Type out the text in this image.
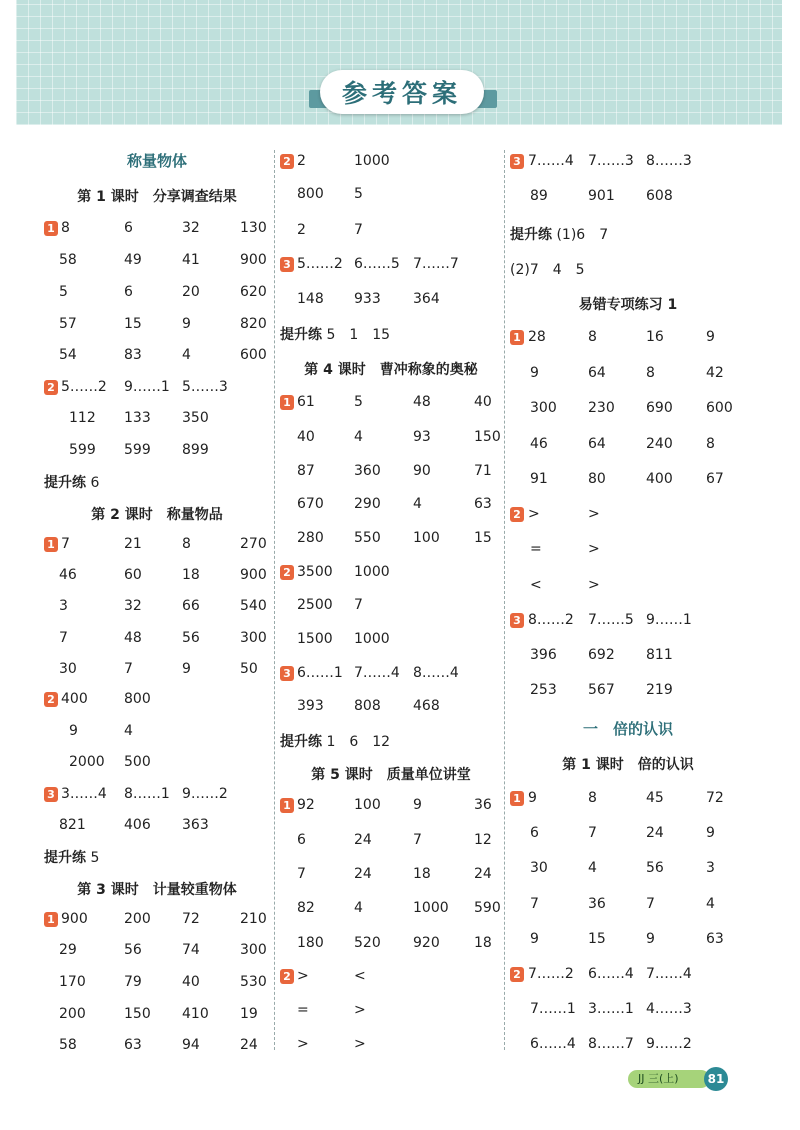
参考答案
称量物体
第 1 课时　分享调查结果
1 8	6	32	130
58	49	41	900
5	6	20	620
57	15	9	820
54	83	4	600
2 5……2 9……1 5……3
112 133 350
599 599 899
提升练 6
第 2 课时　称量物品
1 7	21	8	270
46	60	18	900
3	32	66	540
7	48	56	300
30	7	9	50
2 400	800
9	4
2000 500
3 3……4 8……1 9……2
821	406 363
提升练 5
第 3 课时　计量较重物体
1 900	200 72	210
29	56	74	300
170	79	40	530
200	150 410 19
58	63	94	24
2 2	1000
800 5
2	7
3 5……2 6……5 7……7
148 933 364
提升练 5　1　15
第 4 课时　曹冲称象的奥秘
1 61	5	48	40
40	4	93	150
87	360 90	71
670 290 4	63
280 550 100 15
2 3500 1000
2500 7
1500 1000
3 6……1 7……4 8……4
393 808 468
提升练 1　6　12
第 5 课时　质量单位讲堂
1 92	100 9	36
6	24	7	12
7	24	18	24
82	4	1000 590
180 520 920 18
2 >	<
=	>
>	>
3 7……4 7……3 8……3
89	901 608
提升练 (1)6　7
(2)7　4　5
易错专项练习 1
1 28	8	16	9
9	64	8	42
300 230 690 600
46	64	240 8
91	80	400 67
2 >	>
=	>
<	>
3 8……2 7……5 9……1
396 692 811
253 567 219
一　倍的认识
第 1 课时　倍的认识
1 9	8	45	72
6	7	24	9
30	4	56	3
7	36	7	4
9	15	9	63
2 7……2 6……4 7……4
7……1 3……1 4……3
6……4 8……7 9……2
JJ 三(上)	81
